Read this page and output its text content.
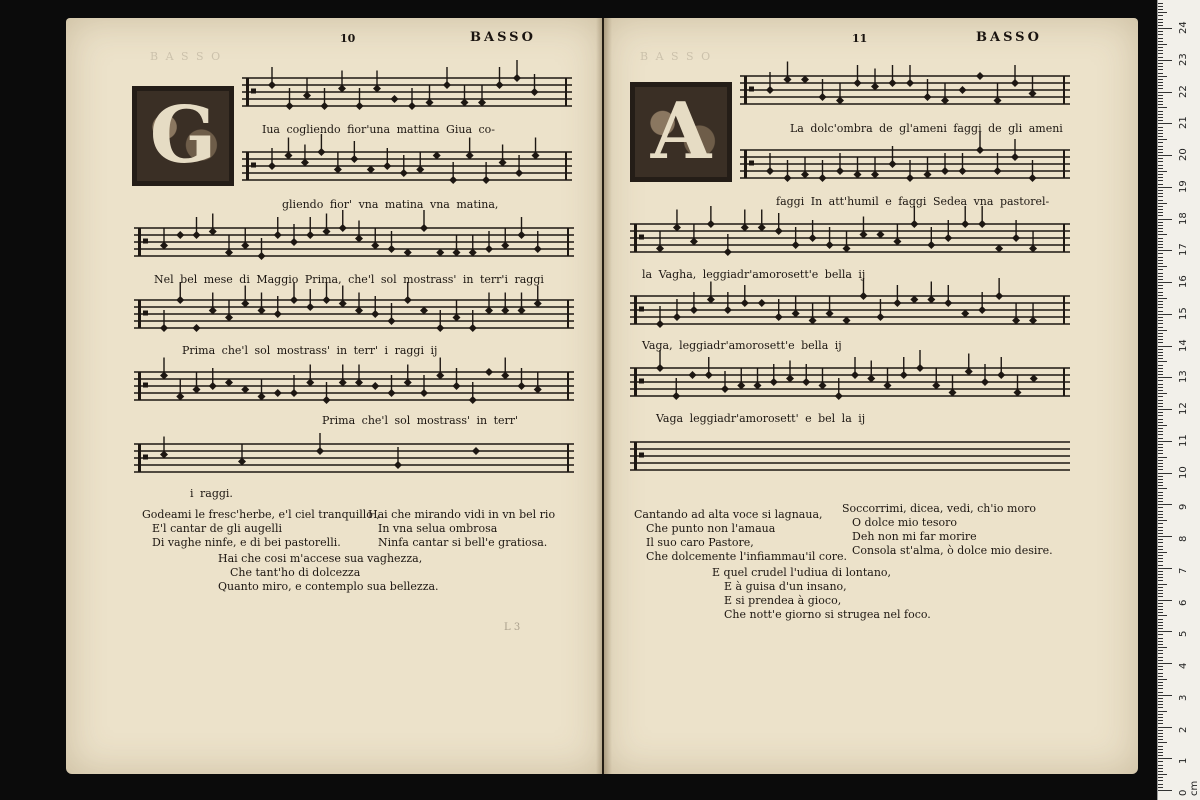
10	BASSO
B A S S O
G	Iua cogliendo fior'una mattina Giua co-
gliendo fior' vna matina vna matina,
Nel bel mese di Maggio Prima, che'l sol mostrass' in terr'i raggi
Prima che'l sol mostrass' in terr' i raggi ij
Prima che'l sol mostrass' in terr'
i raggi.
Godeami le fresc'herbe, e'l ciel tranquillo ,
E'l cantar de gli augelli
Di vaghe ninfe, e di bei pastorelli.
Hai che mirando vidi in vn bel rio
In vna selua ombrosa
Ninfa cantar si bell'e gratiosa.
Hai che cosi m'accese sua vaghezza,
Che tant'ho di dolcezza
Quanto miro, e contemplo sua bellezza.
L 3
11	BASSO
B A S S O
A	La dolc'ombra de gl'ameni faggi de gli ameni
faggi In att'humil e faggi Sedea vna pastorel-
la Vagha, leggiadr'amorosett'e bella ij
Vaga, leggiadr'amorosett'e bella ij
Vaga leggiadr'amorosett' e bel la ij
Cantando ad alta voce si lagnaua,
Che punto non l'amaua
Il suo caro Pastore,
Che dolcemente l'infiammau'il core.
Soccorrimi, dicea, vedi, ch'io moro
O dolce mio tesoro
Deh non mi far morire
Consola st'alma, ò dolce mio desire.
E quel crudel l'udiua di lontano,
E à guisa d'un insano,
E si prendea à gioco,
Che nott'e giorno si strugea nel foco.
0 cm
1
2
3
4
5
6
7
8
9
10
11
12
13
14
15
16
17
18
19
20
21
22
23
24
